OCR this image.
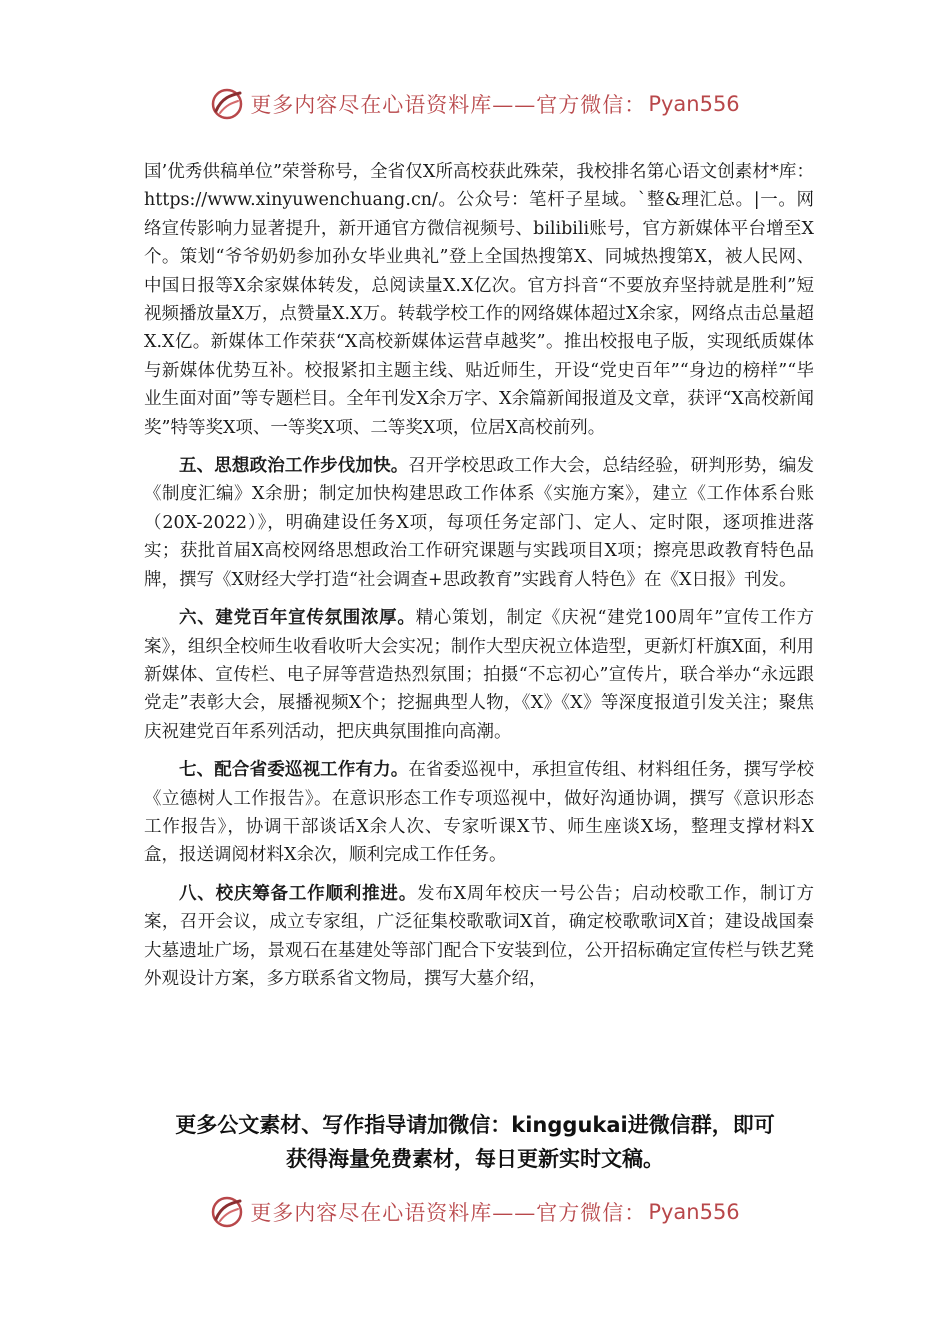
更多内容尽在心语资料库——官方微信： Pyan556

国’优秀供稿单位”荣誉称号，全省仅X所高校获此殊荣，我校排名第心语文创素材*库：https://www.xinyuwenchuang.cn/。公众号：笔杆子星域。`整&理汇总。|一。网络宣传影响力显著提升，新开通官方微信视频号、bilibili账号，官方新媒体平台增至X个。策划“爷爷奶奶参加孙女毕业典礼”登上全国热搜第X、同城热搜第X，被人民网、中国日报等X余家媒体转发，总阅读量X.X亿次。官方抖音“不要放弃坚持就是胜利”短视频播放量X万，点赞量X.X万。转载学校工作的网络媒体超过X余家，网络点击总量超X.X亿。新媒体工作荣获“X高校新媒体运营卓越奖”。推出校报电子版，实现纸质媒体与新媒体优势互补。校报紧扣主题主线、贴近师生，开设“党史百年”“身边的榜样”“毕业生面对面”等专题栏目。全年刊发X余万字、X余篇新闻报道及文章，获评“X高校新闻奖”特等奖X项、一等奖X项、二等奖X项，位居X高校前列。

五、思想政治工作步伐加快。召开学校思政工作大会，总结经验，研判形势，编发《制度汇编》X余册；制定加快构建思政工作体系《实施方案》，建立《工作体系台账（20X-2022）》，明确建设任务X项，每项任务定部门、定人、定时限，逐项推进落实；获批首届X高校网络思想政治工作研究课题与实践项目X项；擦亮思政教育特色品牌，撰写《X财经大学打造“社会调查+思政教育”实践育人特色》在《X日报》刊发。

六、建党百年宣传氛围浓厚。精心策划，制定《庆祝“建党100周年”宣传工作方案》，组织全校师生收看收听大会实况；制作大型庆祝立体造型，更新灯杆旗X面，利用新媒体、宣传栏、电子屏等营造热烈氛围；拍摄“不忘初心”宣传片，联合举办“永远跟党走”表彰大会，展播视频X个；挖掘典型人物，《X》《X》等深度报道引发关注；聚焦庆祝建党百年系列活动，把庆典氛围推向高潮。

七、配合省委巡视工作有力。在省委巡视中，承担宣传组、材料组任务，撰写学校《立德树人工作报告》。在意识形态工作专项巡视中，做好沟通协调，撰写《意识形态工作报告》，协调干部谈话X余人次、专家听课X节、师生座谈X场，整理支撑材料X盒，报送调阅材料X余次，顺利完成工作任务。

八、校庆筹备工作顺利推进。发布X周年校庆一号公告；启动校歌工作，制订方案，召开会议，成立专家组，广泛征集校歌歌词X首，确定校歌歌词X首；建设战国秦大墓遗址广场，景观石在基建处等部门配合下安装到位，公开招标确定宣传栏与铁艺凳外观设计方案，多方联系省文物局，撰写大墓介绍，

更多公文素材、写作指导请加微信：kinggukai进微信群，即可
获得海量免费素材，每日更新实时文稿。
更多内容尽在心语资料库——官方微信： Pyan556
